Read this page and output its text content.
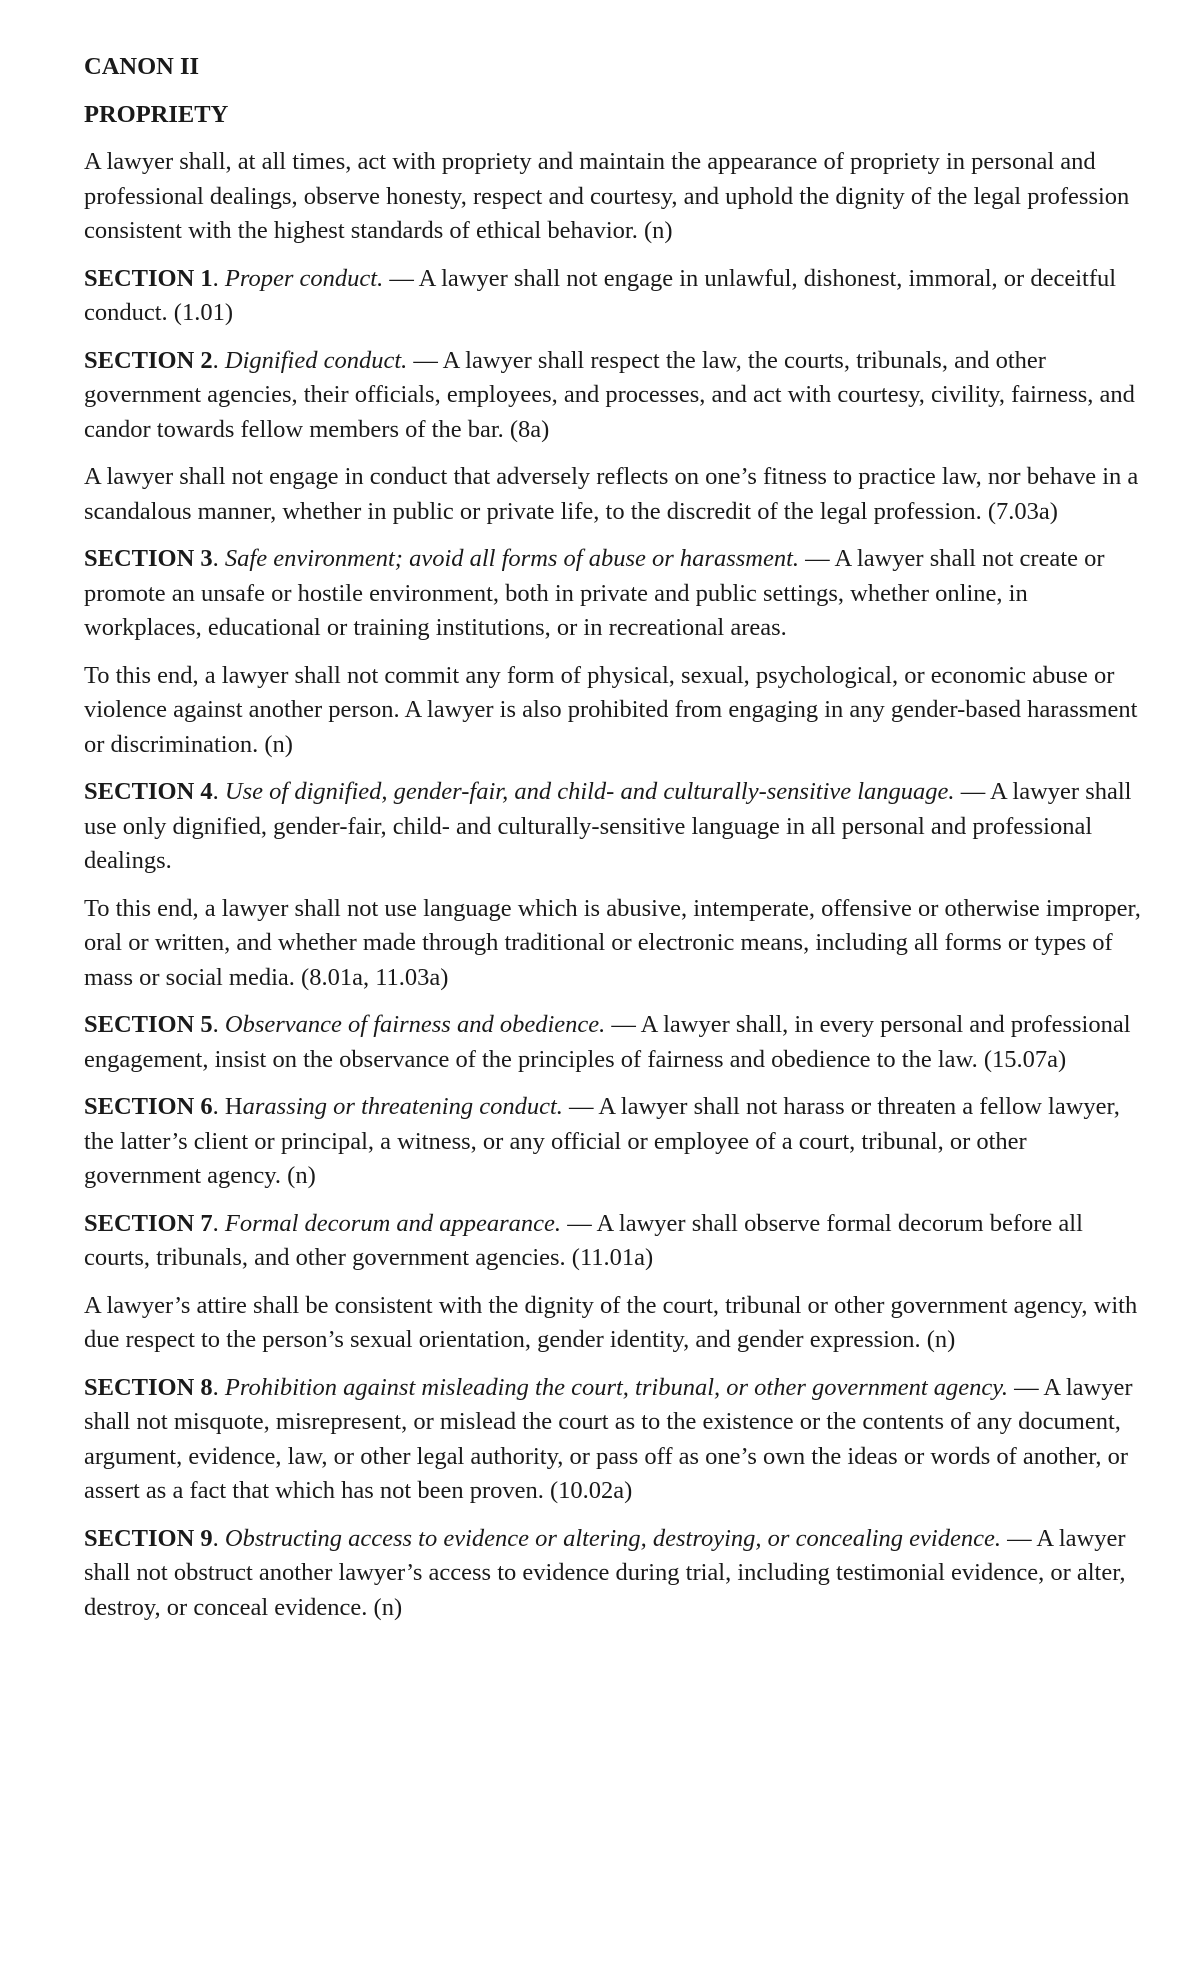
CANON II
PROPRIETY

A lawyer shall, at all times, act with propriety and maintain the appearance of propriety in personal and professional dealings, observe honesty, respect and courtesy, and uphold the dignity of the legal profession consistent with the highest standards of ethical behavior. (n)

SECTION 1. Proper conduct. — A lawyer shall not engage in unlawful, dishonest, immoral, or deceitful conduct. (1.01)

SECTION 2. Dignified conduct. — A lawyer shall respect the law, the courts, tribunals, and other government agencies, their officials, employees, and processes, and act with courtesy, civility, fairness, and candor towards fellow members of the bar. (8a)

A lawyer shall not engage in conduct that adversely reflects on one’s fitness to practice law, nor behave in a scandalous manner, whether in public or private life, to the discredit of the legal profession. (7.03a)

SECTION 3. Safe environment; avoid all forms of abuse or harassment. — A lawyer shall not create or promote an unsafe or hostile environment, both in private and public settings, whether online, in workplaces, educational or training institutions, or in recreational areas.

To this end, a lawyer shall not commit any form of physical, sexual, psychological, or economic abuse or violence against another person. A lawyer is also prohibited from engaging in any gender-based harassment or discrimination. (n)

SECTION 4. Use of dignified, gender-fair, and child- and culturally-sensitive language. — A lawyer shall use only dignified, gender-fair, child- and culturally-sensitive language in all personal and professional dealings.

To this end, a lawyer shall not use language which is abusive, intemperate, offensive or otherwise improper, oral or written, and whether made through traditional or electronic means, including all forms or types of mass or social media. (8.01a, 11.03a)

SECTION 5. Observance of fairness and obedience. — A lawyer shall, in every personal and professional engagement, insist on the observance of the principles of fairness and obedience to the law. (15.07a)

SECTION 6. Harassing or threatening conduct. — A lawyer shall not harass or threaten a fellow lawyer, the latter’s client or principal, a witness, or any official or employee of a court, tribunal, or other government agency. (n)

SECTION 7. Formal decorum and appearance. — A lawyer shall observe formal decorum before all courts, tribunals, and other government agencies. (11.01a)

A lawyer’s attire shall be consistent with the dignity of the court, tribunal or other government agency, with due respect to the person’s sexual orientation, gender identity, and gender expression. (n)

SECTION 8. Prohibition against misleading the court, tribunal, or other government agency. — A lawyer shall not misquote, misrepresent, or mislead the court as to the existence or the contents of any document, argument, evidence, law, or other legal authority, or pass off as one’s own the ideas or words of another, or assert as a fact that which has not been proven. (10.02a)

SECTION 9. Obstructing access to evidence or altering, destroying, or concealing evidence. — A lawyer shall not obstruct another lawyer’s access to evidence during trial, including testimonial evidence, or alter, destroy, or conceal evidence. (n)
